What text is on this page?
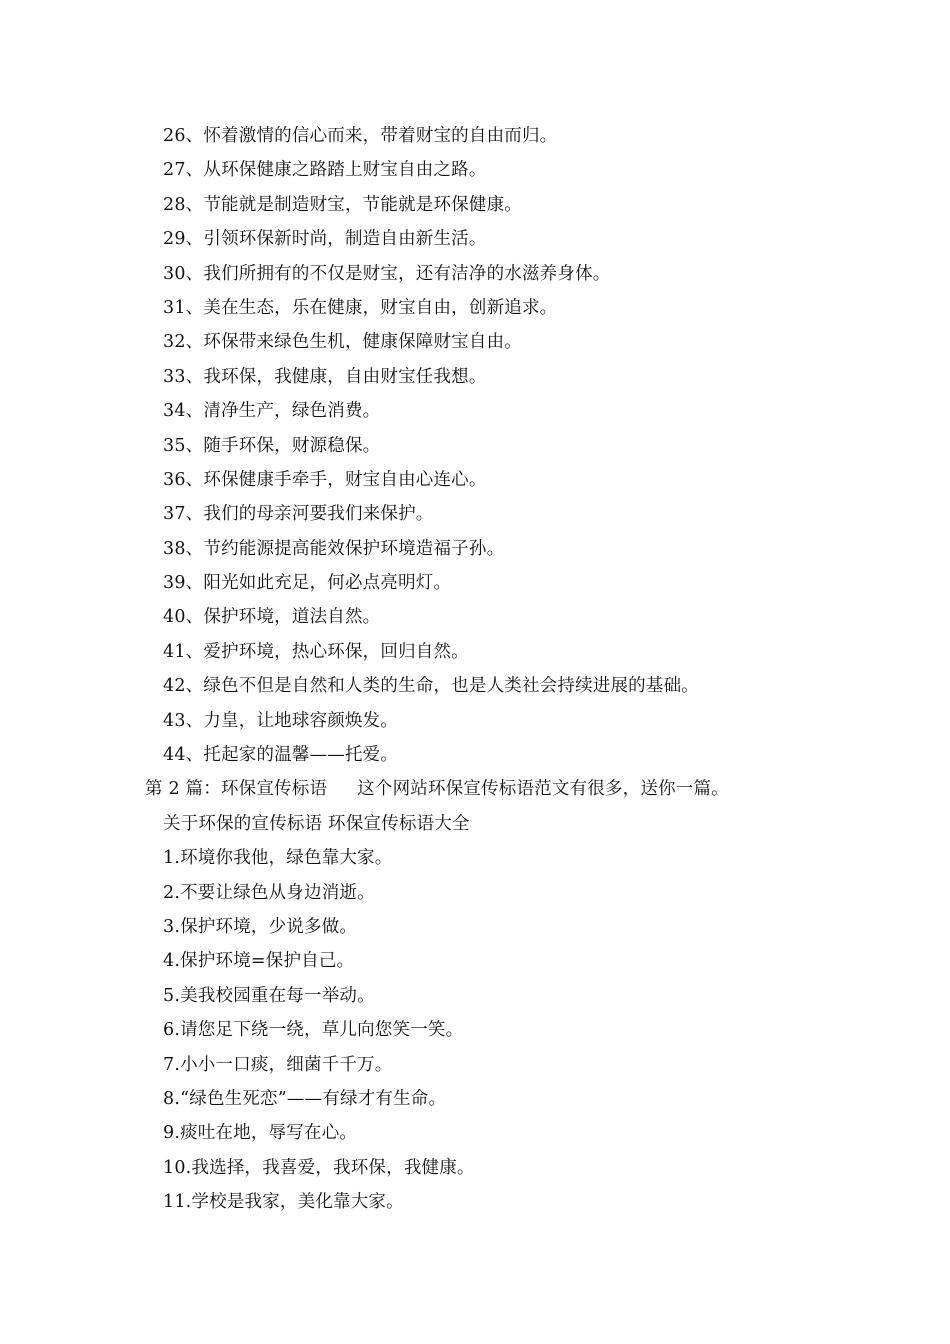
26、怀着激情的信心而来，带着财宝的自由而归。
27、从环保健康之路踏上财宝自由之路。
28、节能就是制造财宝，节能就是环保健康。
29、引领环保新时尚，制造自由新生活。
30、我们所拥有的不仅是财宝，还有洁净的水滋养身体。
31、美在生态，乐在健康，财宝自由，创新追求。
32、环保带来绿色生机，健康保障财宝自由。
33、我环保，我健康，自由财宝任我想。
34、清净生产，绿色消费。
35、随手环保，财源稳保。
36、环保健康手牵手，财宝自由心连心。
37、我们的母亲河要我们来保护。
38、节约能源提高能效保护环境造福子孙。
39、阳光如此充足，何必点亮明灯。
40、保护环境，道法自然。
41、爱护环境，热心环保，回归自然。
42、绿色不但是自然和人类的生命，也是人类社会持续进展的基础。
43、力皇，让地球容颜焕发。
44、托起家的温馨——托爱。
第 2 篇：环保宣传标语 这个网站环保宣传标语范文有很多，送你一篇。
关于环保的宣传标语 环保宣传标语大全
1.环境你我他，绿色靠大家。
2.不要让绿色从身边消逝。
3.保护环境，少说多做。
4.保护环境=保护自己。
5.美我校园重在每一举动。
6.请您足下绕一绕，草儿向您笑一笑。
7.小小一口痰，细菌千千万。
8.“绿色生死恋”——有绿才有生命。
9.痰吐在地，辱写在心。
10.我选择，我喜爱，我环保，我健康。
11.学校是我家，美化靠大家。
